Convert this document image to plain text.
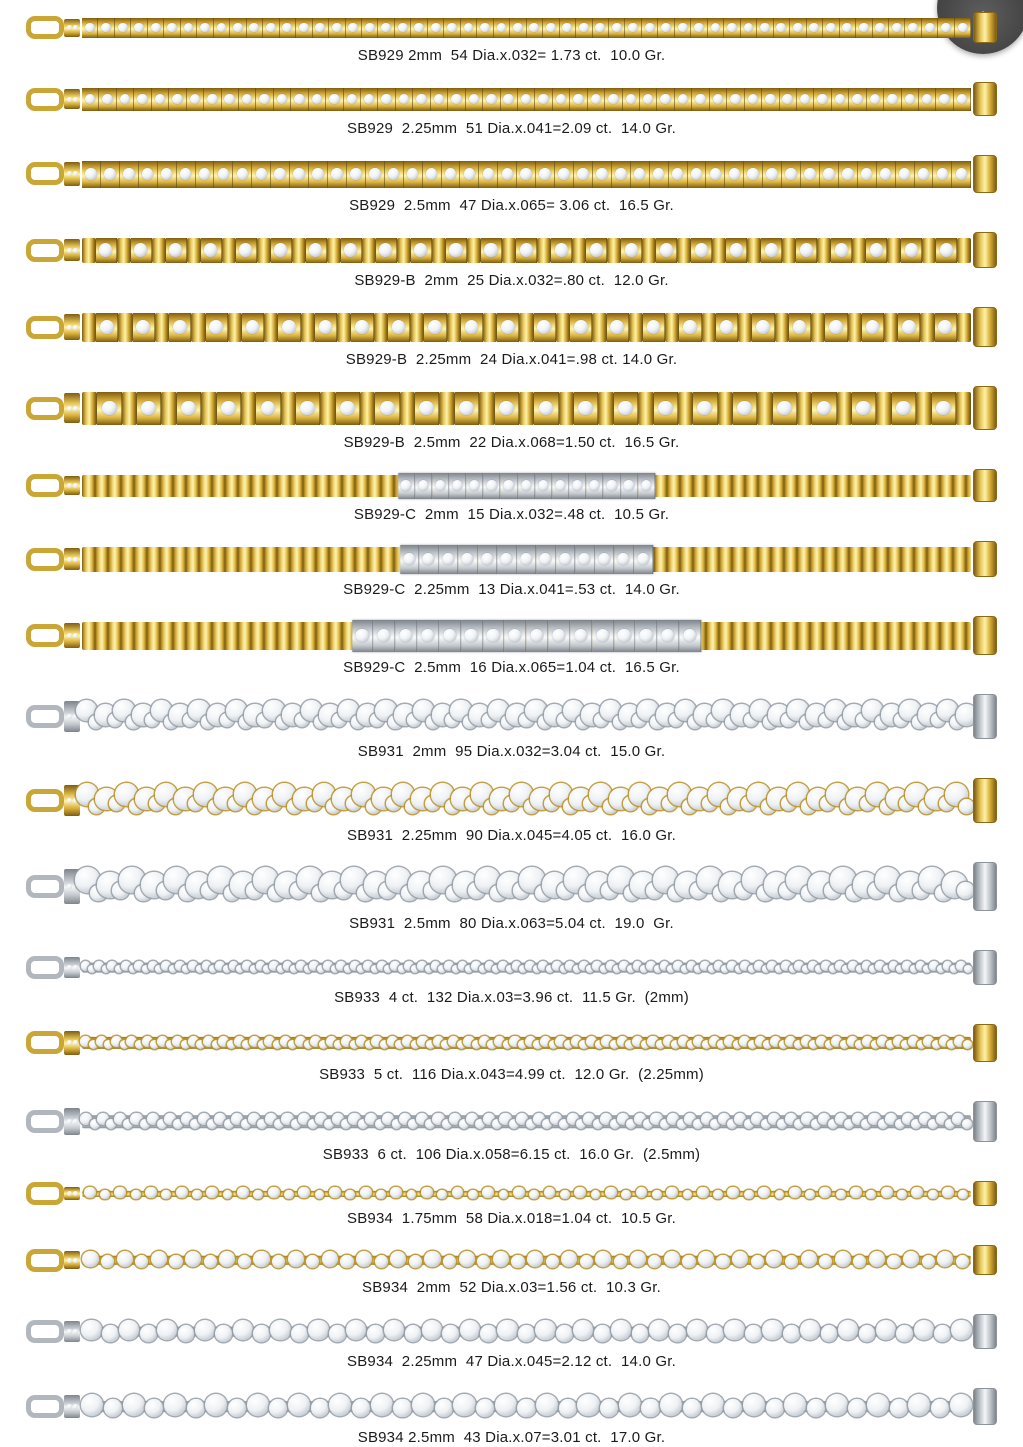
SB929 2mm  54 Dia.x.032= 1.73 ct.  10.0 Gr.
SB929  2.25mm  51 Dia.x.041=2.09 ct.  14.0 Gr.
SB929  2.5mm  47 Dia.x.065= 3.06 ct.  16.5 Gr.
SB929-B  2mm  25 Dia.x.032=.80 ct.  12.0 Gr.
SB929-B  2.25mm  24 Dia.x.041=.98 ct. 14.0 Gr.
SB929-B  2.5mm  22 Dia.x.068=1.50 ct.  16.5 Gr.
SB929-C  2mm  15 Dia.x.032=.48 ct.  10.5 Gr.
SB929-C  2.25mm  13 Dia.x.041=.53 ct.  14.0 Gr.
SB929-C  2.5mm  16 Dia.x.065=1.04 ct.  16.5 Gr.
SB931  2mm  95 Dia.x.032=3.04 ct.  15.0 Gr.
SB931  2.25mm  90 Dia.x.045=4.05 ct.  16.0 Gr.
SB931  2.5mm  80 Dia.x.063=5.04 ct.  19.0  Gr.
SB933  4 ct.  132 Dia.x.03=3.96 ct.  11.5 Gr.  (2mm)
SB933  5 ct.  116 Dia.x.043=4.99 ct.  12.0 Gr.  (2.25mm)
SB933  6 ct.  106 Dia.x.058=6.15 ct.  16.0 Gr.  (2.5mm)
SB934  1.75mm  58 Dia.x.018=1.04 ct.  10.5 Gr.
SB934  2mm  52 Dia.x.03=1.56 ct.  10.3 Gr.
SB934  2.25mm  47 Dia.x.045=2.12 ct.  14.0 Gr.
SB934 2.5mm  43 Dia.x.07=3.01 ct.  17.0 Gr.
